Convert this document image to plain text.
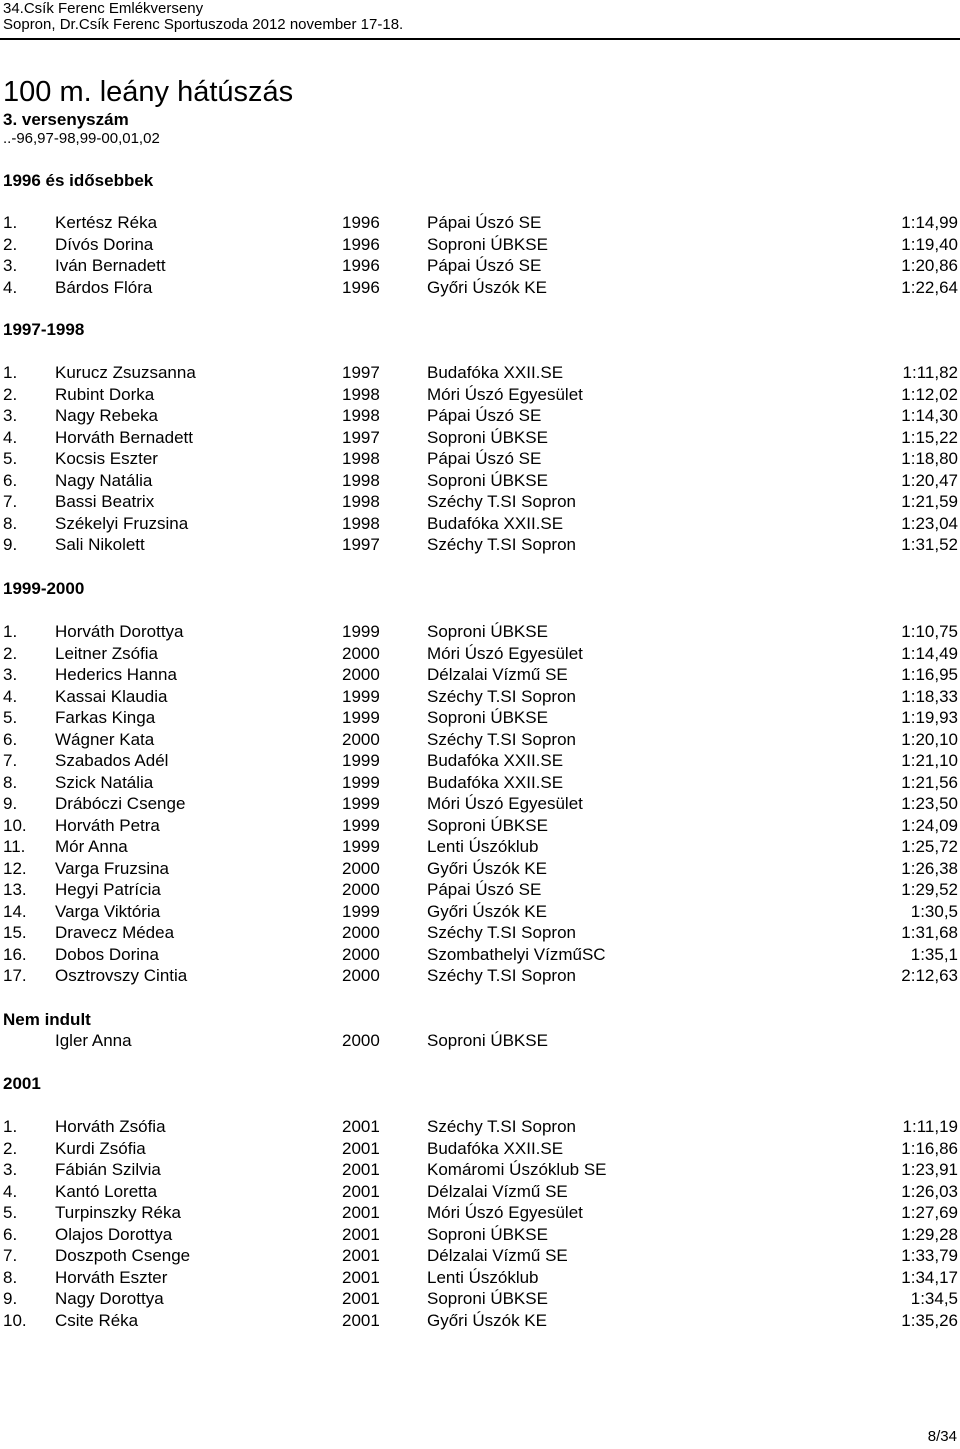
34.Csík Ferenc Emlékverseny
Sopron, Dr.Csík Ferenc Sportuszoda 2012 november 17-18.
100 m. leány hátúszás
3. versenyszám
..-96,97-98,99-00,01,02
1996 és idősebbek
1. Kertész Réka	1996	Pápai Úszó SE	1:14,99
2. Dívós Dorina	1996	Soproni ÚBKSE	1:19,40
3. Iván Bernadett	1996	Pápai Úszó SE	1:20,86
4. Bárdos Flóra	1996	Győri Úszók KE	1:22,64
1997-1998
1. Kurucz Zsuzsanna	1997	Budafóka XXII.SE	1:11,82
2. Rubint Dorka	1998	Móri Úszó Egyesület	1:12,02
3. Nagy Rebeka	1998	Pápai Úszó SE	1:14,30
4. Horváth Bernadett	1997	Soproni ÚBKSE	1:15,22
5. Kocsis Eszter	1998	Pápai Úszó SE	1:18,80
6. Nagy Natália	1998	Soproni ÚBKSE	1:20,47
7. Bassi Beatrix	1998	Széchy T.SI Sopron	1:21,59
8. Székelyi Fruzsina	1998	Budafóka XXII.SE	1:23,04
9. Sali Nikolett	1997	Széchy T.SI Sopron	1:31,52
1999-2000
1. Horváth Dorottya	1999	Soproni ÚBKSE	1:10,75
2. Leitner Zsófia	2000	Móri Úszó Egyesület	1:14,49
3. Hederics Hanna	2000	Délzalai Vízmű SE	1:16,95
4. Kassai Klaudia	1999	Széchy T.SI Sopron	1:18,33
5. Farkas Kinga	1999	Soproni ÚBKSE	1:19,93
6. Wágner Kata	2000	Széchy T.SI Sopron	1:20,10
7. Szabados Adél	1999	Budafóka XXII.SE	1:21,10
8. Szick Natália	1999	Budafóka XXII.SE	1:21,56
9. Drábóczi Csenge	1999	Móri Úszó Egyesület	1:23,50
10. Horváth Petra	1999	Soproni ÚBKSE	1:24,09
11. Mór Anna	1999	Lenti Úszóklub	1:25,72
12. Varga Fruzsina	2000	Győri Úszók KE	1:26,38
13. Hegyi Patrícia	2000	Pápai Úszó SE	1:29,52
14. Varga Viktória	1999	Győri Úszók KE	1:30,5
15. Dravecz Médea	2000	Széchy T.SI Sopron	1:31,68
16. Dobos Dorina	2000	Szombathelyi VízműSC	1:35,1
17. Osztrovszy Cintia	2000	Széchy T.SI Sopron	2:12,63
Nem indult
Igler Anna	2000	Soproni ÚBKSE
2001
1. Horváth Zsófia	2001	Széchy T.SI Sopron	1:11,19
2. Kurdi Zsófia	2001	Budafóka XXII.SE	1:16,86
3. Fábián Szilvia	2001	Komáromi Úszóklub SE	1:23,91
4. Kantó Loretta	2001	Délzalai Vízmű SE	1:26,03
5. Turpinszky Réka	2001	Móri Úszó Egyesület	1:27,69
6. Olajos Dorottya	2001	Soproni ÚBKSE	1:29,28
7. Doszpoth Csenge	2001	Délzalai Vízmű SE	1:33,79
8. Horváth Eszter	2001	Lenti Úszóklub	1:34,17
9. Nagy Dorottya	2001	Soproni ÚBKSE	1:34,5
10. Csite Réka	2001	Győri Úszók KE	1:35,26
8/34
